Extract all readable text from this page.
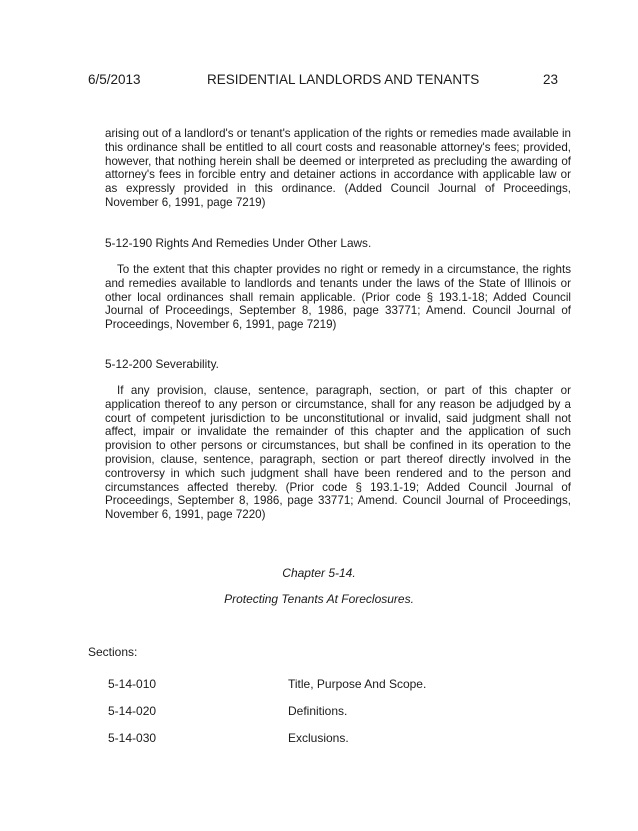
6/5/2013	RESIDENTIAL LANDLORDS AND TENANTS	23

arising out of a landlord's or tenant's application of the rights or remedies made available in this ordinance shall be entitled to all court costs and reasonable attorney's fees; provided, however, that nothing herein shall be deemed or interpreted as precluding the awarding of attorney's fees in forcible entry and detainer actions in accordance with applicable law or as expressly provided in this ordinance. (Added Council Journal of Proceedings, November 6, 1991, page 7219)

5-12-190 Rights And Remedies Under Other Laws.

To the extent that this chapter provides no right or remedy in a circumstance, the rights and remedies available to landlords and tenants under the laws of the State of Illinois or other local ordinances shall remain applicable. (Prior code § 193.1-18; Added Council Journal of Proceedings, September 8, 1986, page 33771; Amend. Council Journal of Proceedings, November 6, 1991, page 7219)

5-12-200 Severability.

If any provision, clause, sentence, paragraph, section, or part of this chapter or application thereof to any person or circumstance, shall for any reason be adjudged by a court of competent jurisdiction to be unconstitutional or invalid, said judgment shall not affect, impair or invalidate the remainder of this chapter and the application of such provision to other persons or circumstances, but shall be confined in its operation to the provision, clause, sentence, paragraph, section or part thereof directly involved in the controversy in which such judgment shall have been rendered and to the person and circumstances affected thereby. (Prior code § 193.1-19; Added Council Journal of Proceedings, September 8, 1986, page 33771; Amend. Council Journal of Proceedings, November 6, 1991, page 7220)

Chapter 5-14.

Protecting Tenants At Foreclosures.

Sections:

5-14-010	Title, Purpose And Scope.
5-14-020	Definitions.
5-14-030	Exclusions.
